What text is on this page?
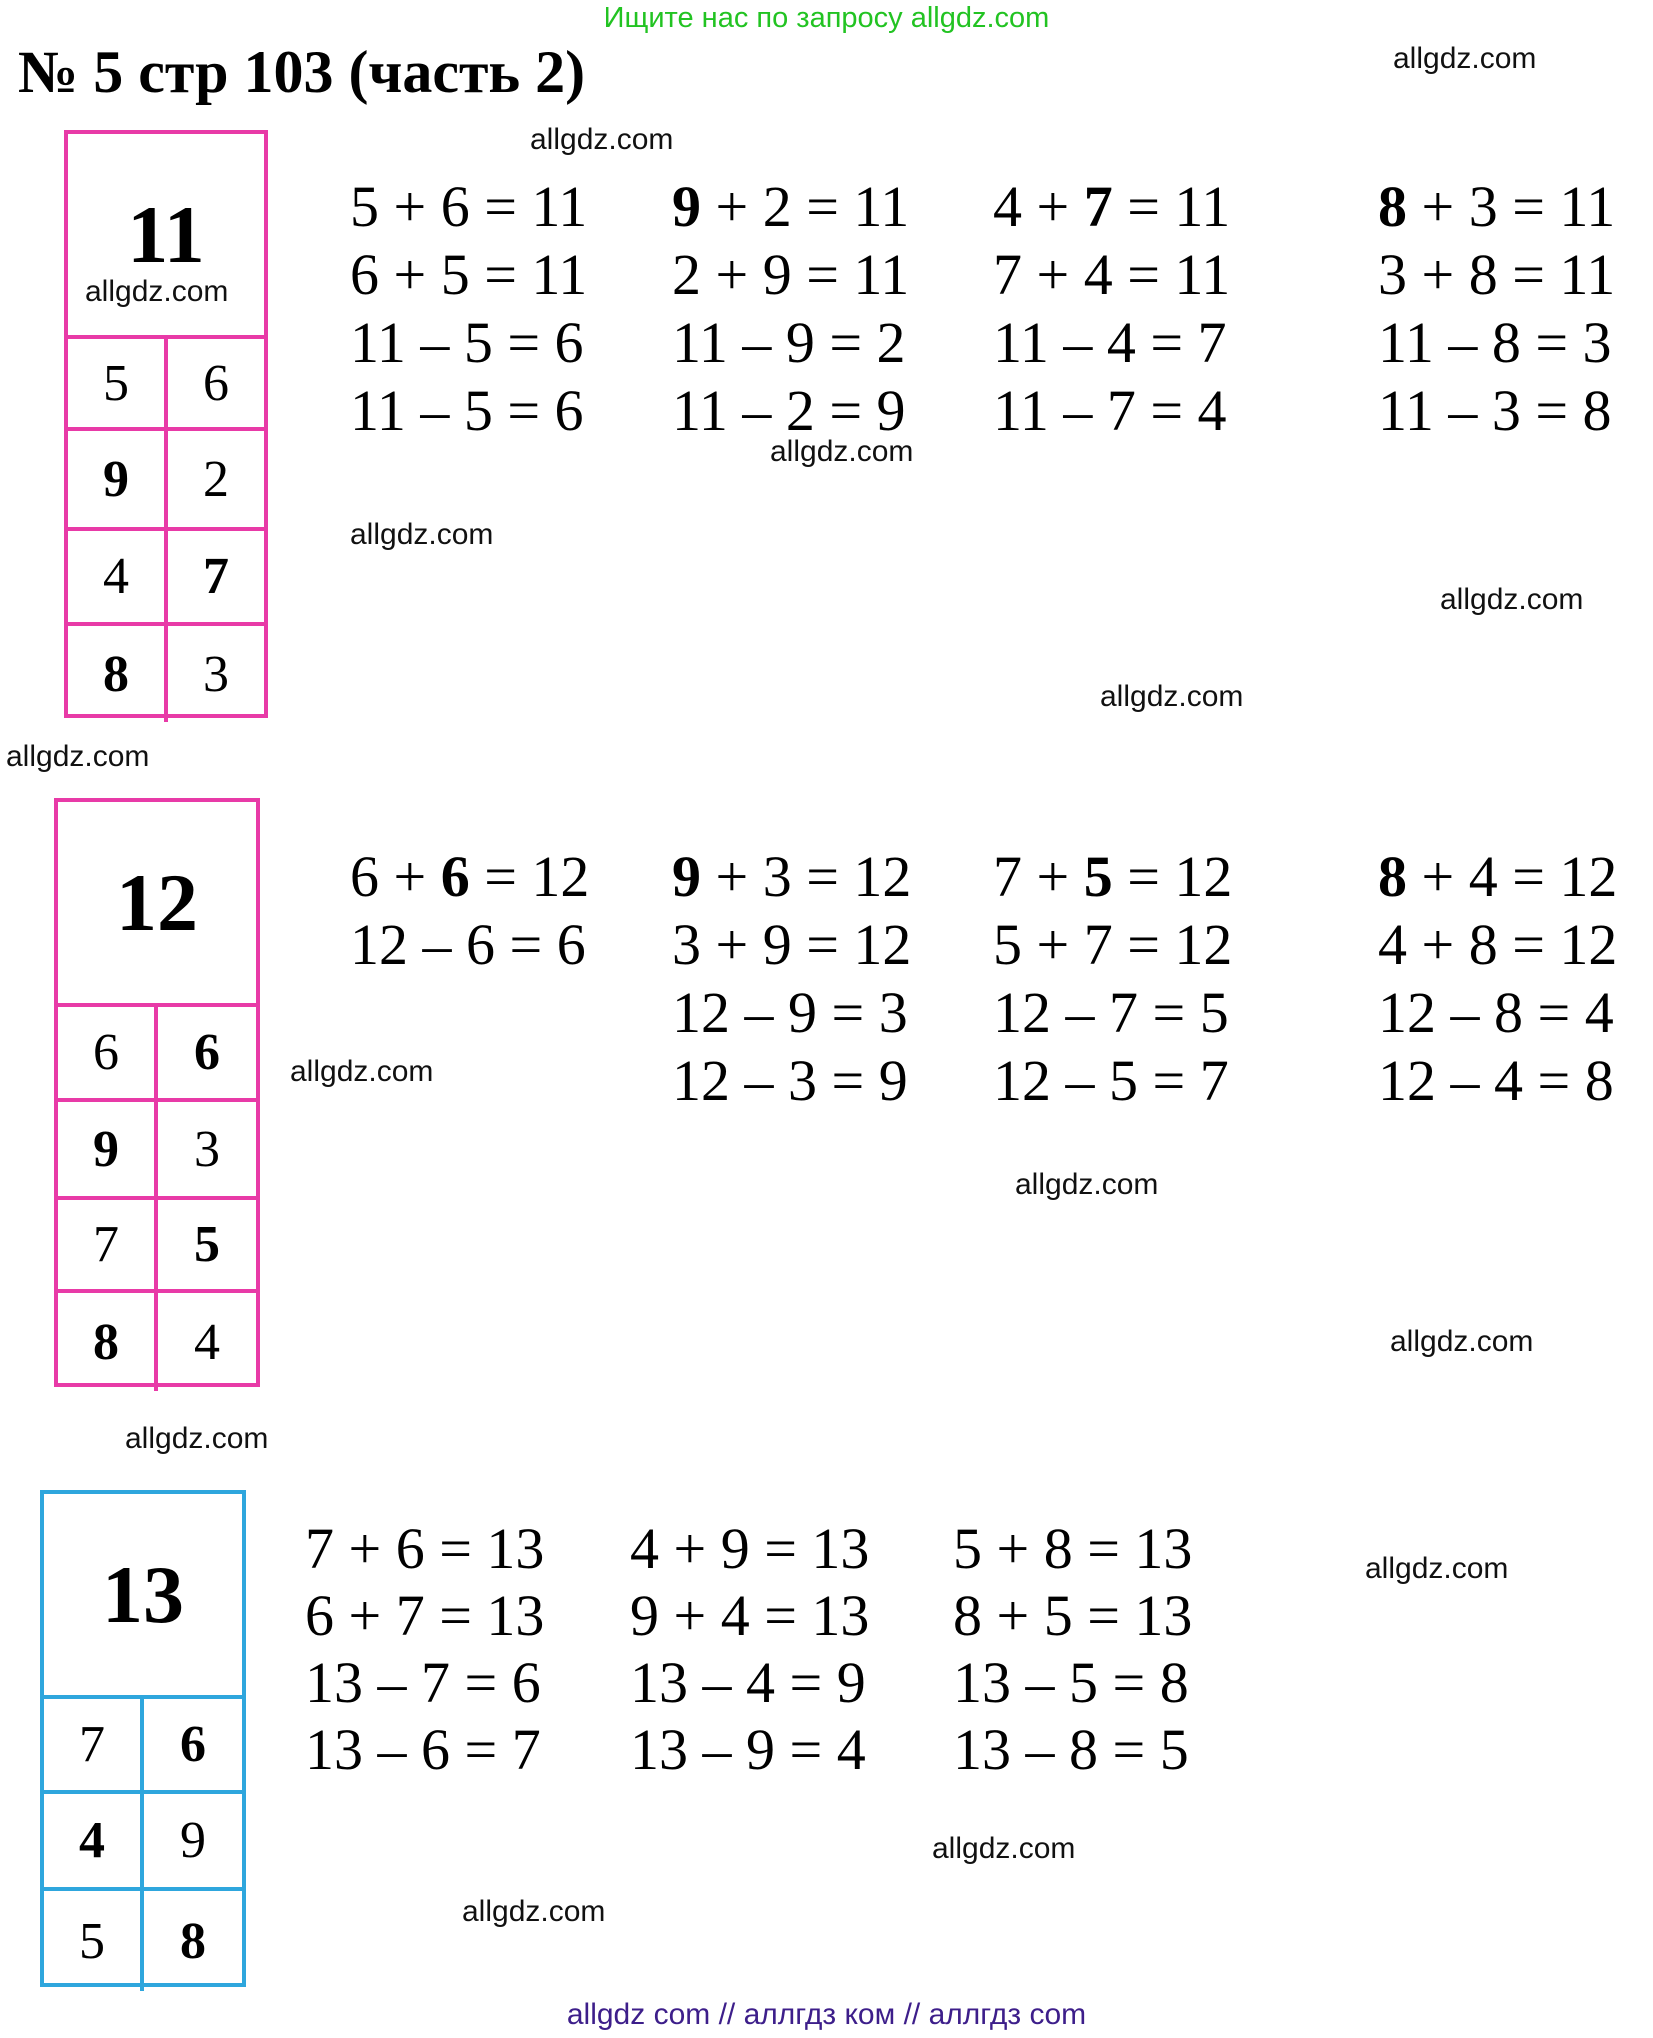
Ищите нас по запросу allgdz.com
№ 5 стр 103 (часть 2)	allgdz.com
allgdz.com
allgdz.com
allgdz.com
allgdz.com
allgdz.com
allgdz.com
allgdz.com
allgdz.com
allgdz.com
allgdz.com
allgdz.com
allgdz.com
allgdz.com
allgdz.com
11
5	6
9	2
4	7
8	3
12
6	6
9	3
7	5
8	4
13
7	6
4	9
5	8
5 + 6 = 11
6 + 5 = 11
11 – 5 = 6
11 – 5 = 6
9 + 2 = 11
2 + 9 = 11
11 – 9 = 2
11 – 2 = 9
4 + 7 = 11
7 + 4 = 11
11 – 4 = 7
11 – 7 = 4
8 + 3 = 11
3 + 8 = 11
11 – 8 = 3
11 – 3 = 8
6 + 6 = 12
12 – 6 = 6
9 + 3 = 12
3 + 9 = 12
12 – 9 = 3
12 – 3 = 9
7 + 5 = 12
5 + 7 = 12
12 – 7 = 5
12 – 5 = 7
8 + 4 = 12
4 + 8 = 12
12 – 8 = 4
12 – 4 = 8
7 + 6 = 13
6 + 7 = 13
13 – 7 = 6
13 – 6 = 7
4 + 9 = 13
9 + 4 = 13
13 – 4 = 9
13 – 9 = 4
5 + 8 = 13
8 + 5 = 13
13 – 5 = 8
13 – 8 = 5
allgdz com // аллгдз ком // аллгдз com
